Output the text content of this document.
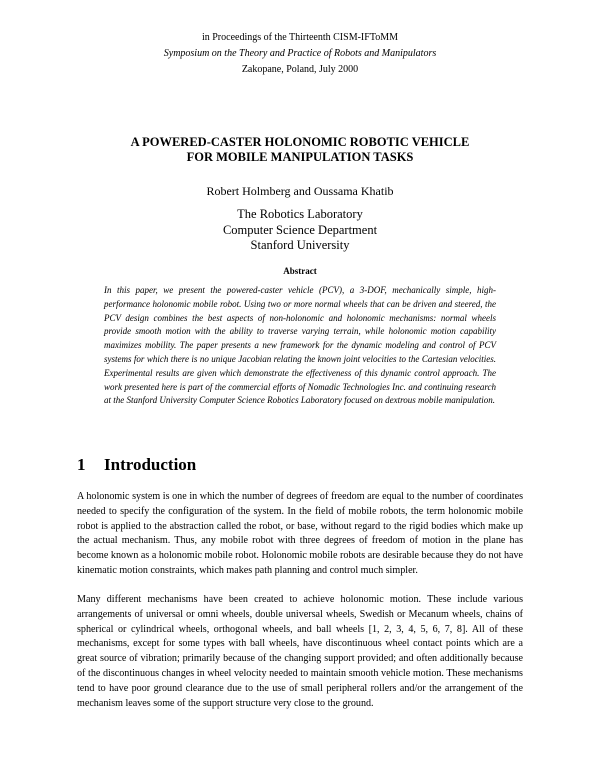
in Proceedings of the Thirteenth CISM-IFToMM
Symposium on the Theory and Practice of Robots and Manipulators
Zakopane, Poland, July 2000
A POWERED-CASTER HOLONOMIC ROBOTIC VEHICLE
FOR MOBILE MANIPULATION TASKS
Robert Holmberg and Oussama Khatib
The Robotics Laboratory
Computer Science Department
Stanford University
Abstract

In this paper, we present the powered-caster vehicle (PCV), a 3-DOF, mechanically simple, high-performance holonomic mobile robot. Using two or more normal wheels that can be driven and steered, the PCV design combines the best aspects of non-holonomic and holonomic mechanisms: normal wheels provide smooth motion with the ability to traverse varying terrain, while holonomic motion capability maximizes mobility. The paper presents a new framework for the dynamic modeling and control of PCV systems for which there is no unique Jacobian relating the known joint velocities to the Cartesian velocities. Experimental results are given which demonstrate the effectiveness of this dynamic control approach. The work presented here is part of the commercial efforts of Nomadic Technologies Inc. and continuing research at the Stanford University Computer Science Robotics Laboratory focused on dextrous mobile manipulation.

1 Introduction

A holonomic system is one in which the number of degrees of freedom are equal to the number of coordinates needed to specify the configuration of the system. In the field of mobile robots, the term holonomic mobile robot is applied to the abstraction called the robot, or base, without regard to the rigid bodies which make up the actual mechanism. Thus, any mobile robot with three degrees of freedom of motion in the plane has become known as a holonomic mobile robot. Holonomic mobile robots are desirable because they do not have kinematic motion constraints, which makes path planning and control much simpler.

Many different mechanisms have been created to achieve holonomic motion. These include various arrangements of universal or omni wheels, double universal wheels, Swedish or Mecanum wheels, chains of spherical or cylindrical wheels, orthogonal wheels, and ball wheels [1, 2, 3, 4, 5, 6, 7, 8]. All of these mechanisms, except for some types with ball wheels, have discontinuous wheel contact points which are a great source of vibration; primarily because of the changing support provided; and often additionally because of the discontinuous changes in wheel velocity needed to maintain smooth vehicle motion. These mechanisms tend to have poor ground clearance due to the use of small peripheral rollers and/or the arrangement of the mechanism leaves some of the support structure very close to the ground.
